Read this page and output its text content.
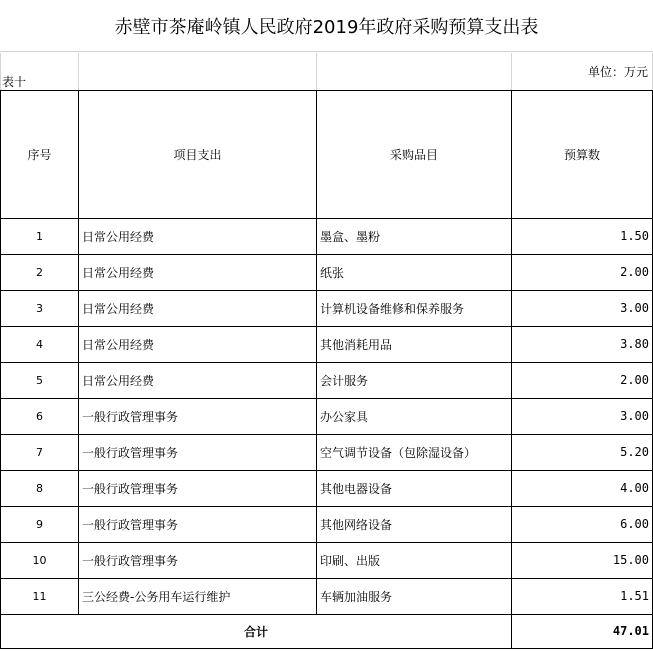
赤壁市茶庵岭镇人民政府2019年政府采购预算支出表
表十			单位：万元
序号	项目支出	采购品目	预算数
1	日常公用经费	墨盒、墨粉	1.50
2	日常公用经费	纸张	2.00
3	日常公用经费	计算机设备维修和保养服务	3.00
4	日常公用经费	其他消耗用品	3.80
5	日常公用经费	会计服务	2.00
6	一般行政管理事务	办公家具	3.00
7	一般行政管理事务	空气调节设备（包除湿设备）	5.20
8	一般行政管理事务	其他电器设备	4.00
9	一般行政管理事务	其他网络设备	6.00
10	一般行政管理事务	印刷、出版	15.00
11	三公经费-公务用车运行维护	车辆加油服务	1.51
合计			47.01
